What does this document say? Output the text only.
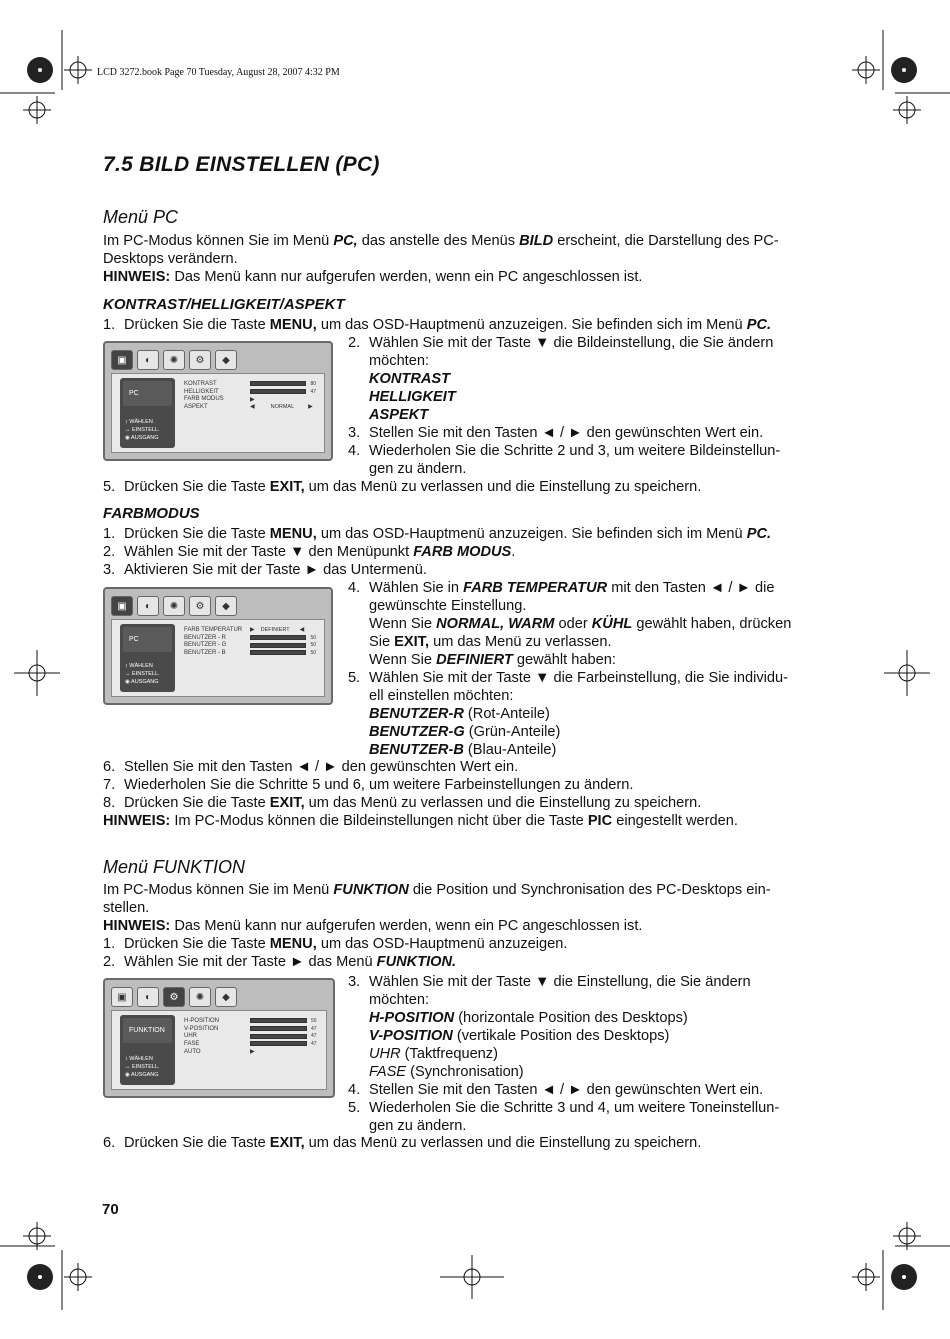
LCD 3272.book Page 70 Tuesday, August 28, 2007 4:32 PM
7.5 BILD EINSTELLEN (PC)
Menü PC
Im PC-Modus können Sie im Menü PC, das anstelle des Menüs BILD erscheint, die Darstellung des PC-
Desktops verändern.
HINWEIS: Das Menü kann nur aufgerufen werden, wenn ein PC angeschlossen ist.
KONTRAST/HELLIGKEIT/ASPEKT
1. Drücken Sie die Taste MENU, um das OSD-Hauptmenü anzuzeigen. Sie befinden sich im Menü PC.
▣	◐	✺	⚙	◆
PC
↕ WÄHLEN
↔ EINSTELL.
◉ AUSGANG
KONTRAST	80
HELLIGKEIT	47
FARB MODUS	▶
ASPEKT	◀	NORMAL ▶
2. Wählen Sie mit der Taste ▼ die Bildeinstellung, die Sie ändern
möchten:
KONTRAST
HELLIGKEIT
ASPEKT
3. Stellen Sie mit den Tasten ◄ / ► den gewünschten Wert ein.
4. Wiederholen Sie die Schritte 2 und 3, um weitere Bildeinstellun-
gen zu ändern.
5. Drücken Sie die Taste EXIT, um das Menü zu verlassen und die Einstellung zu speichern.
FARBMODUS
1. Drücken Sie die Taste MENU, um das OSD-Hauptmenü anzuzeigen. Sie befinden sich im Menü PC.
2. Wählen Sie mit der Taste ▼ den Menüpunkt FARB MODUS.
3. Aktivieren Sie mit der Taste ► das Untermenü.
▣	◐	✺	⚙	◆
PC
↕ WÄHLEN
↔ EINSTELL.
◉ AUSGANG
FARB TEMPERATUR	▶ DEFINIERT ◀
BENUTZER - R	50
BENUTZER - G	50
BENUTZER - B	50
4. Wählen Sie in FARB TEMPERATUR mit den Tasten ◄ / ► die
gewünschte Einstellung.
Wenn Sie NORMAL, WARM oder KÜHL gewählt haben, drücken
Sie EXIT, um das Menü zu verlassen.
Wenn Sie DEFINIERT gewählt haben:
5. Wählen Sie mit der Taste ▼ die Farbeinstellung, die Sie individu-
ell einstellen möchten:
BENUTZER-R (Rot-Anteile)
BENUTZER-G (Grün-Anteile)
BENUTZER-B (Blau-Anteile)
6. Stellen Sie mit den Tasten ◄ / ► den gewünschten Wert ein.
7. Wiederholen Sie die Schritte 5 und 6, um weitere Farbeinstellungen zu ändern.
8. Drücken Sie die Taste EXIT, um das Menü zu verlassen und die Einstellung zu speichern.
HINWEIS: Im PC-Modus können die Bildeinstellungen nicht über die Taste PIC eingestellt werden.
Menü FUNKTION
Im PC-Modus können Sie im Menü FUNKTION die Position und Synchronisation des PC-Desktops ein-
stellen.
HINWEIS: Das Menü kann nur aufgerufen werden, wenn ein PC angeschlossen ist.
1. Drücken Sie die Taste MENU, um das OSD-Hauptmenü anzuzeigen.
2. Wählen Sie mit der Taste ► das Menü FUNKTION.
▣	◐	⚙	✺	◆
FUNKTION
↕ WÄHLEN
↔ EINSTELL.
◉ AUSGANG
H-POSITION	50
V-POSITION	47
UHR	47
FASE	47
AUTO	▶
3. Wählen Sie mit der Taste ▼ die Einstellung, die Sie ändern
möchten:
H-POSITION (horizontale Position des Desktops)
V-POSITION (vertikale Position des Desktops)
UHR (Taktfrequenz)
FASE (Synchronisation)
4. Stellen Sie mit den Tasten ◄ / ► den gewünschten Wert ein.
5. Wiederholen Sie die Schritte 3 und 4, um weitere Toneinstellun-
gen zu ändern.
6. Drücken Sie die Taste EXIT, um das Menü zu verlassen und die Einstellung zu speichern.
70
